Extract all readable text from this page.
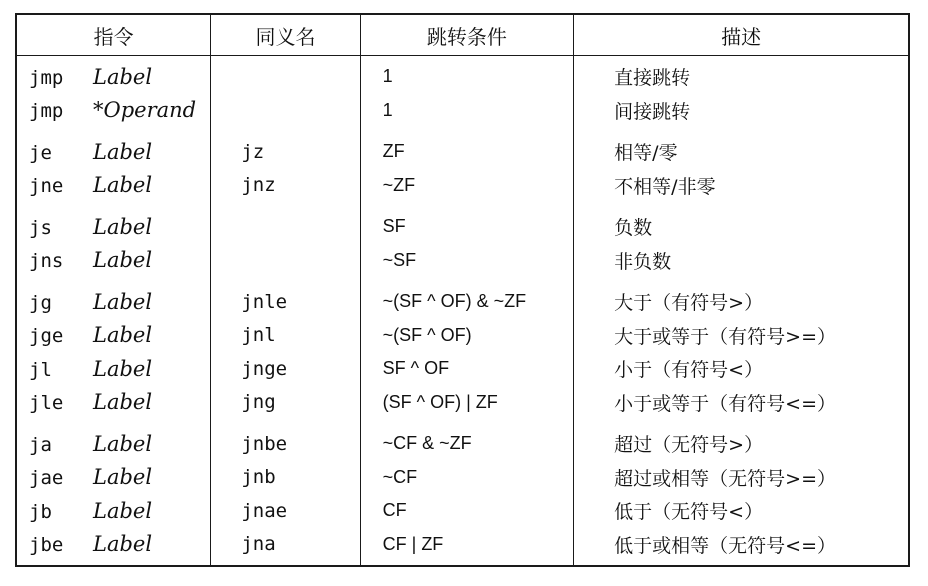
指令	同义名	跳转条件	描述
jmp Label		1	直接跳转
jmp *Operand		1	间接跳转
je Label	jz	ZF	相等/零
jne Label	jnz	~ZF	不相等/非零
js Label		SF	负数
jns Label		~SF	非负数
jg Label	jnle	~(SF ^ OF) & ~ZF	大于（有符号>）
jge Label	jnl	~(SF ^ OF)	大于或等于（有符号>=）
jl Label	jnge	SF ^ OF	小于（有符号<）
jle Label	jng	(SF ^ OF) | ZF	小于或等于（有符号<=）
ja Label	jnbe	~CF & ~ZF	超过（无符号>）
jae Label	jnb	~CF	超过或相等（无符号>=）
jb Label	jnae	CF	低于（无符号<）
jbe Label	jna	CF | ZF	低于或相等（无符号<=）
